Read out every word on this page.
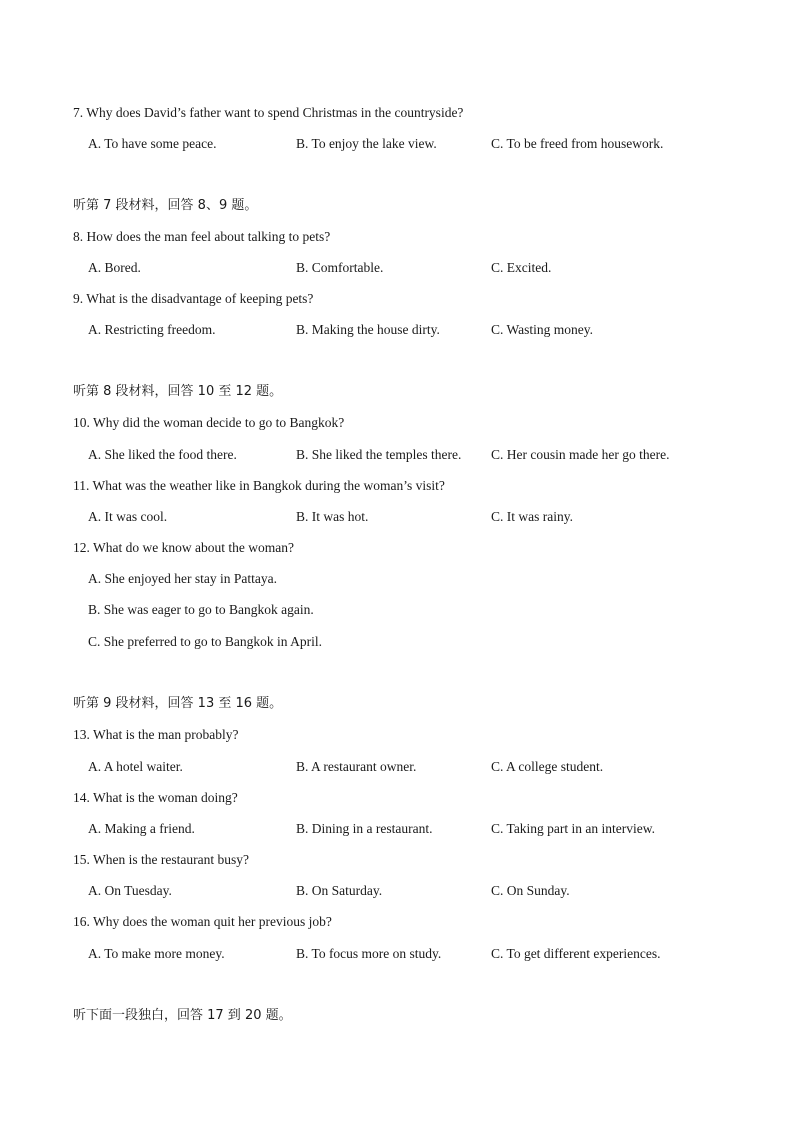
7. Why does David’s father want to spend Christmas in the countryside?
A. To have some peace.	B. To enjoy the lake view.	C. To be freed from housework.
听第 7 段材料，回答 8、9 题。
8. How does the man feel about talking to pets?
A. Bored.	B. Comfortable.	C. Excited.
9. What is the disadvantage of keeping pets?
A. Restricting freedom.	B. Making the house dirty.	C. Wasting money.
听第 8 段材料，回答 10 至 12 题。
10. Why did the woman decide to go to Bangkok?
A. She liked the food there.	B. She liked the temples there. C. Her cousin made her go there.
11. What was the weather like in Bangkok during the woman’s visit?
A. It was cool.	B. It was hot.	C. It was rainy.
12. What do we know about the woman?
A. She enjoyed her stay in Pattaya.
B. She was eager to go to Bangkok again.
C. She preferred to go to Bangkok in April.
听第 9 段材料，回答 13 至 16 题。
13. What is the man probably?
A. A hotel waiter.	B. A restaurant owner.	C. A college student.
14. What is the woman doing?
A. Making a friend.	B. Dining in a restaurant.	C. Taking part in an interview.
15. When is the restaurant busy?
A. On Tuesday.	B. On Saturday.	C. On Sunday.
16. Why does the woman quit her previous job?
A. To make more money.	B. To focus more on study.	C. To get different experiences.
听下面一段独白，回答 17 到 20 题。
